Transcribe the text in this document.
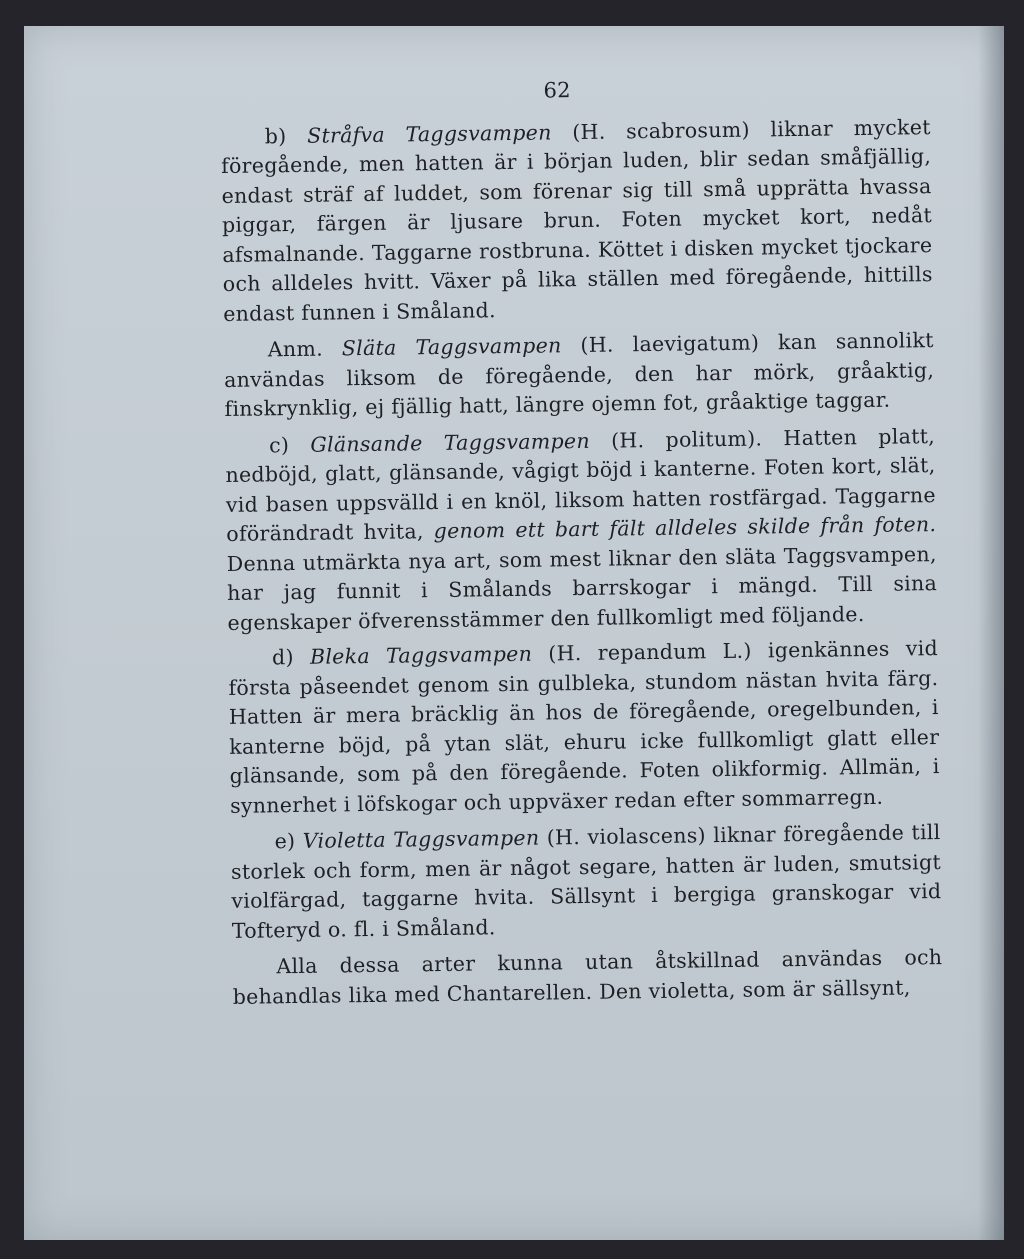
62

b) Stråfva Taggsvampen (H. scabrosum) liknar mycket föregående, men hatten är i början luden, blir sedan småfjällig, endast sträf af luddet, som förenar sig till små upprätta hvassa piggar, färgen är ljusare brun. Foten mycket kort, nedåt afsmalnande. Taggarne rostbruna. Köttet i disken mycket tjockare och alldeles hvitt. Växer på lika ställen med föregående, hittills endast funnen i Småland.

Anm. Släta Taggsvampen (H. laevigatum) kan sannolikt användas liksom de föregående, den har mörk, gråaktig, finskrynklig, ej fjällig hatt, längre ojemn fot, gråaktige taggar.

c) Glänsande Taggsvampen (H. politum). Hatten platt, nedböjd, glatt, glänsande, vågigt böjd i kanterne. Foten kort, slät, vid basen uppsvälld i en knöl, liksom hatten rostfärgad. Taggarne oförändradt hvita, genom ett bart fält alldeles skilde från foten. Denna utmärkta nya art, som mest liknar den släta Taggsvampen, har jag funnit i Smålands barrskogar i mängd. Till sina egenskaper öfverensstämmer den fullkomligt med följande.

d) Bleka Taggsvampen (H. repandum L.) igenkännes vid första påseendet genom sin gulbleka, stundom nästan hvita färg. Hatten är mera bräcklig än hos de föregående, oregelbunden, i kanterne böjd, på ytan slät, ehuru icke fullkomligt glatt eller glänsande, som på den föregående. Foten olikformig. Allmän, i synnerhet i löfskogar och uppväxer redan efter sommarregn.

e) Violetta Taggsvampen (H. violascens) liknar föregående till storlek och form, men är något segare, hatten är luden, smutsigt violfärgad, taggarne hvita. Sällsynt i bergiga granskogar vid Tofteryd o. fl. i Småland.

Alla dessa arter kunna utan åtskillnad användas och behandlas lika med Chantarellen. Den violetta, som är sällsynt,
